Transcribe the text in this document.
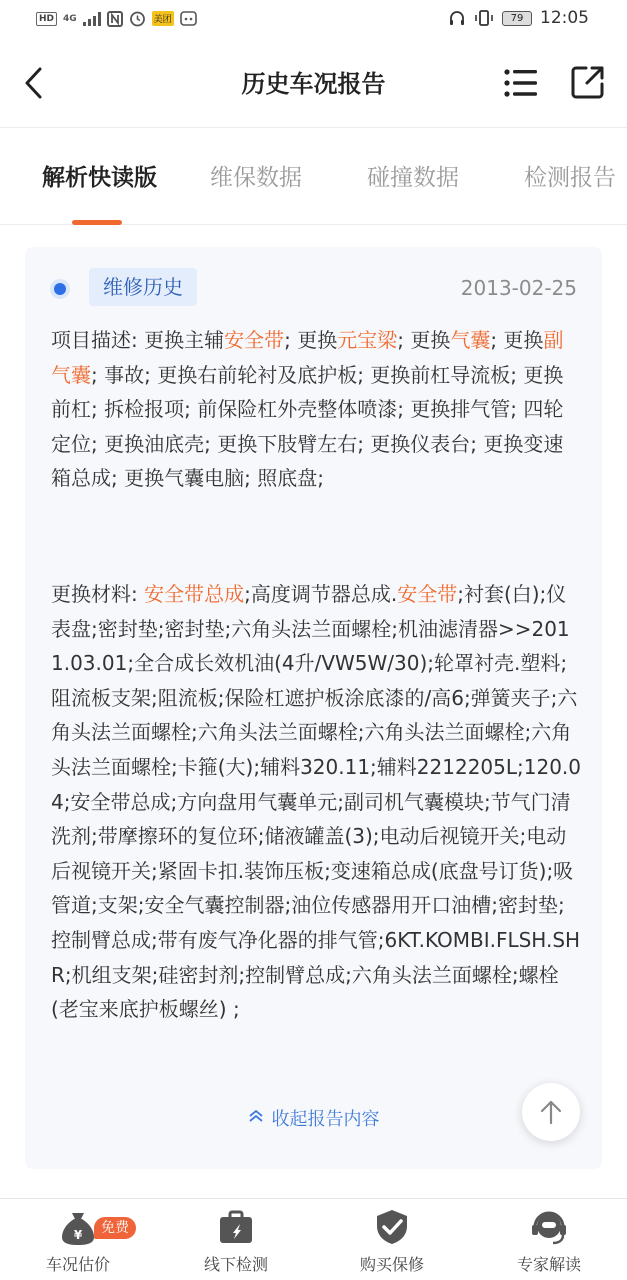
HD	4G	美团	79 12:05
历史车况报告
解析快读版 维保数据	碰撞数据	检测报告
维修历史	2013-02-25
项目描述: 更换主辅安全带; 更换元宝梁; 更换气囊; 更换副气囊; 事故; 更换右前轮衬及底护板; 更换前杠导流板; 更换前杠; 拆检报项; 前保险杠外壳整体喷漆; 更换排气管; 四轮定位; 更换油底壳; 更换下肢臂左右; 更换仪表台; 更换变速箱总成; 更换气囊电脑; 照底盘;
更换材料: 安全带总成;高度调节器总成.安全带;衬套(白);仪表盘;密封垫;密封垫;六角头法兰面螺栓;机油滤清器>>2011.03.01;全合成长效机油(4升/VW5W/30);轮罩衬壳.塑料;阻流板支架;阻流板;保险杠遮护板涂底漆的/高6;弹簧夹子;六角头法兰面螺栓;六角头法兰面螺栓;六角头法兰面螺栓;六角头法兰面螺栓;卡箍(大);辅料320.11;辅料2212205L;120.04;安全带总成;方向盘用气囊单元;副司机气囊模块;节气门清洗剂;带摩擦环的复位环;储液罐盖(3);电动后视镜开关;电动后视镜开关;紧固卡扣.装饰压板;变速箱总成(底盘号订货);吸管道;支架;安全气囊控制器;油位传感器用开口油槽;密封垫;控制臂总成;带有废气净化器的排气管;6KT.KOMBI.FLSH.SHR;机组支架;硅密封剂;控制臂总成;六角头法兰面螺栓;螺栓(老宝来底护板螺丝) ;
收起报告内容
¥
车况估价
免费
线下检测	购买保修	专家解读
